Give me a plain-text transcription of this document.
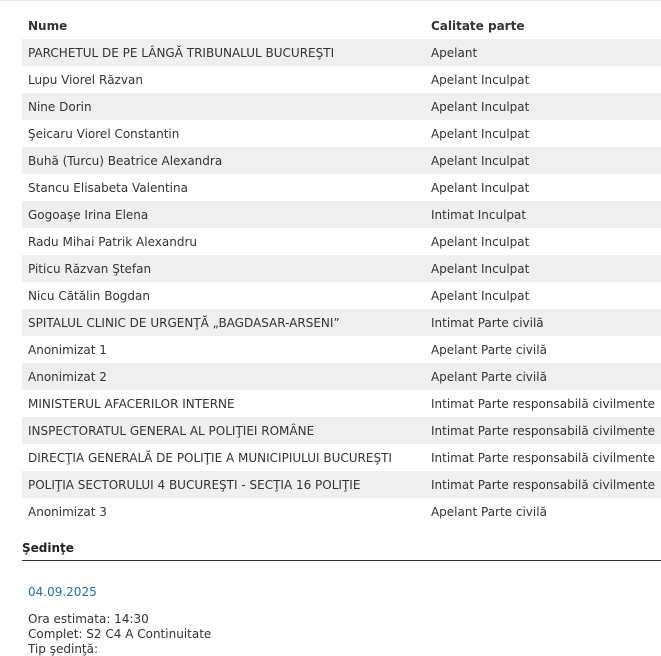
Nume	Calitate parte
PARCHETUL DE PE LÂNGĂ TRIBUNALUL BUCUREŞTI	Apelant
Lupu Viorel Răzvan	Apelant Inculpat
Nine Dorin	Apelant Inculpat
Şeicaru Viorel Constantin	Apelant Inculpat
Buhă (Turcu) Beatrice Alexandra	Apelant Inculpat
Stancu Elisabeta Valentina	Apelant Inculpat
Gogoaşe Irina Elena	Intimat Inculpat
Radu Mihai Patrik Alexandru	Apelant Inculpat
Piticu Răzvan Ştefan	Apelant Inculpat
Nicu Cătălin Bogdan	Apelant Inculpat
SPITALUL CLINIC DE URGENŢĂ „BAGDASAR-ARSENI”	Intimat Parte civilă
Anonimizat 1	Apelant Parte civilă
Anonimizat 2	Apelant Parte civilă
MINISTERUL AFACERILOR INTERNE	Intimat Parte responsabilă civilmente
INSPECTORATUL GENERAL AL POLIŢIEI ROMÂNE	Intimat Parte responsabilă civilmente
DIRECŢIA GENERALĂ DE POLIŢIE A MUNICIPIULUI BUCUREŞTI	Intimat Parte responsabilă civilmente
POLIŢIA SECTORULUI 4 BUCUREŞTI - SECŢIA 16 POLIŢIE	Intimat Parte responsabilă civilmente
Anonimizat 3	Apelant Parte civilă
Şedinţe
04.09.2025
Ora estimata: 14:30
Complet: S2 C4 A Continuitate
Tip şedinţă:
